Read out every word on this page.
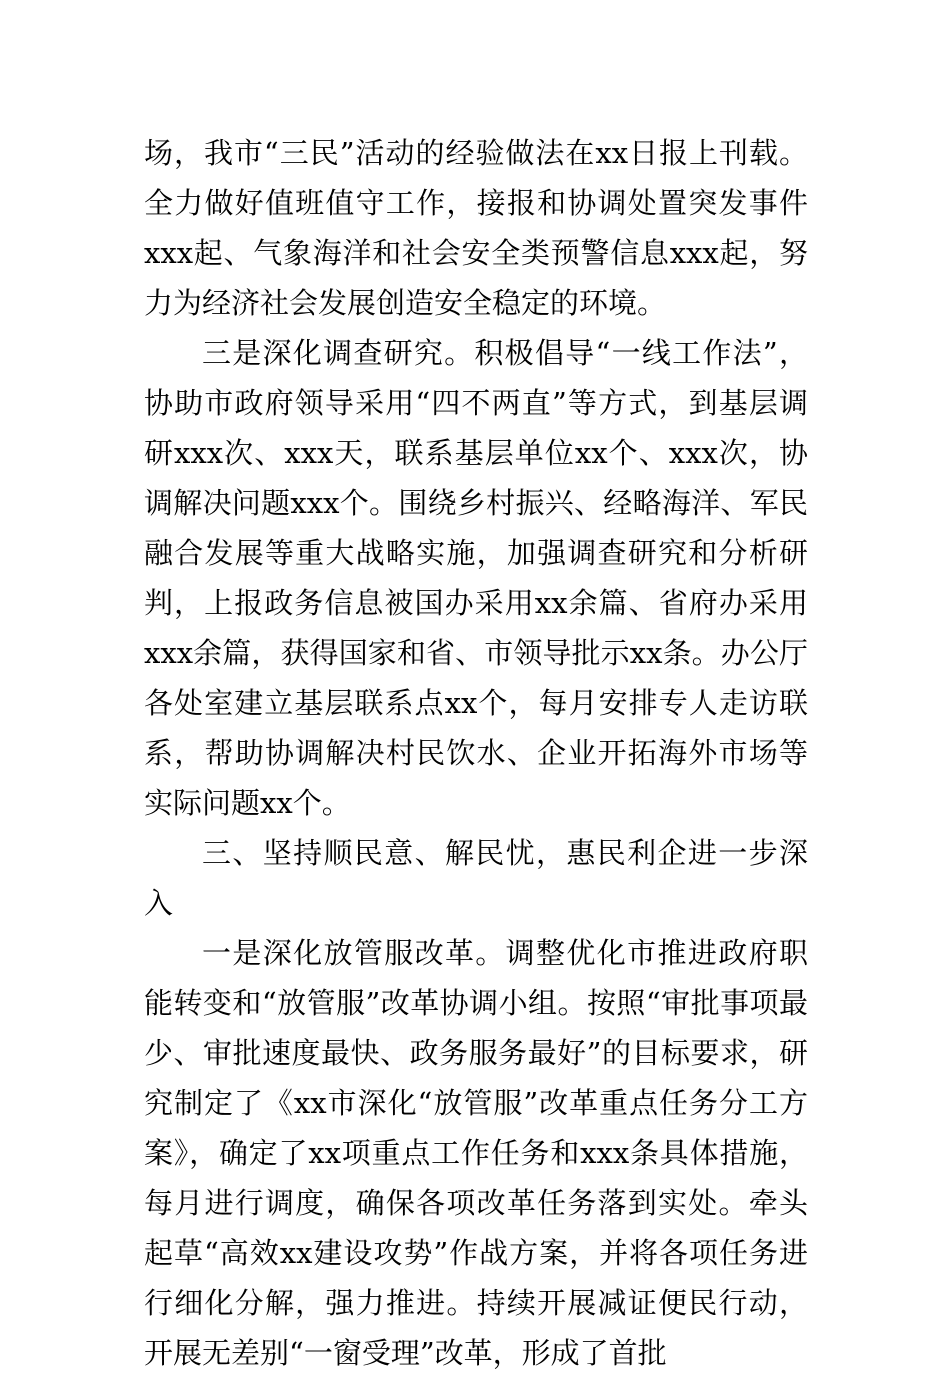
场，我市“三民”活动的经验做法在xx日报上刊载。全力做好值班值守工作，接报和协调处置突发事件xxx起、气象海洋和社会安全类预警信息xxx起，努力为经济社会发展创造安全稳定的环境。

三是深化调查研究。积极倡导“一线工作法”，协助市政府领导采用“四不两直”等方式，到基层调研xxx次、xxx天，联系基层单位xx个、xxx次，协调解决问题xxx个。围绕乡村振兴、经略海洋、军民融合发展等重大战略实施，加强调查研究和分析研判，上报政务信息被国办采用xx余篇、省府办采用xxx余篇，获得国家和省、市领导批示xx条。办公厅各处室建立基层联系点xx个，每月安排专人走访联系，帮助协调解决村民饮水、企业开拓海外市场等实际问题xx个。

三、坚持顺民意、解民忧，惠民利企进一步深入

一是深化放管服改革。调整优化市推进政府职能转变和“放管服”改革协调小组。按照“审批事项最少、审批速度最快、政务服务最好”的目标要求，研究制定了《xx市深化“放管服”改革重点任务分工方案》，确定了xx项重点工作任务和xxx条具体措施，每月进行调度，确保各项改革任务落到实处。牵头起草“高效xx建设攻势”作战方案，并将各项任务进行细化分解，强力推进。持续开展减证便民行动，开展无差别“一窗受理”改革，形成了首批
